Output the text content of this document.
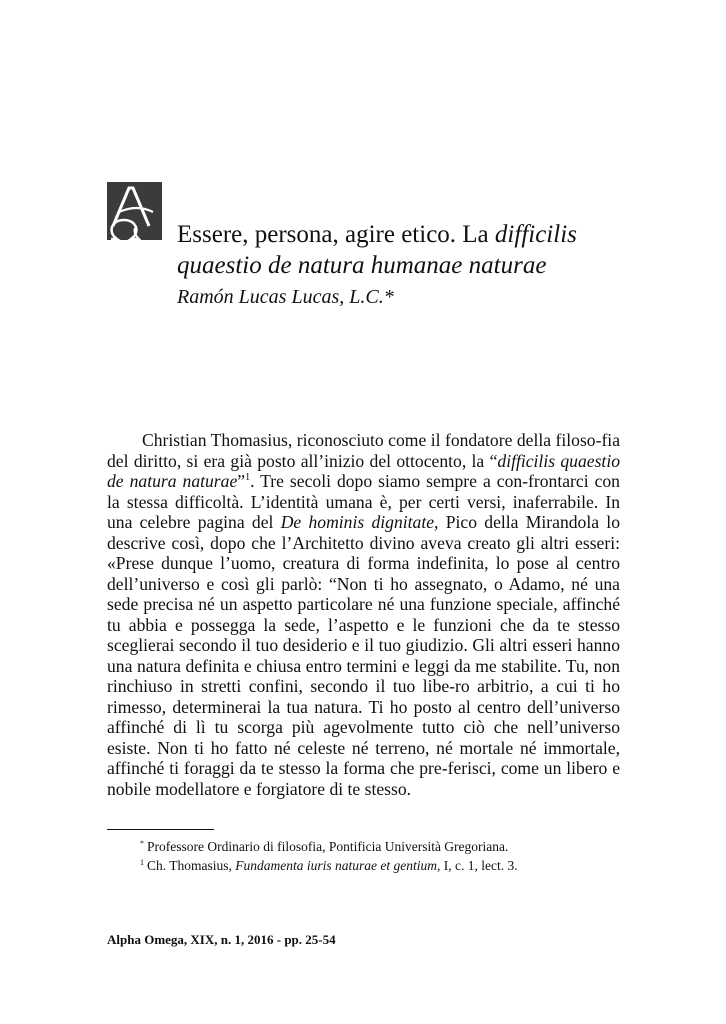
Essere, persona, agire etico. La difficilis
quaestio de natura humanae naturae
Ramón Lucas Lucas, L.C.*

Christian Thomasius, riconosciuto come il fondatore della filoso-fia del diritto, si era già posto all’inizio del ottocento, la “difficilis quaestio de natura naturae”$^1$. Tre secoli dopo siamo sempre a con-frontarci con la stessa difficoltà. L’identità umana è, per certi versi, inaferrabile. In una celebre pagina del De hominis dignitate, Pico della Mirandola lo descrive così, dopo che l’Architetto divino aveva creato gli altri esseri: «Prese dunque l’uomo, creatura di forma indefinita, lo pose al centro dell’universo e così gli parlò: “Non ti ho assegnato, o Adamo, né una sede precisa né un aspetto particolare né una funzione speciale, affinché tu abbia e possegga la sede, l’aspetto e le funzioni che da te stesso sceglierai secondo il tuo desiderio e il tuo giudizio. Gli altri esseri hanno una natura definita e chiusa entro termini e leggi da me stabilite. Tu, non rinchiuso in stretti confini, secondo il tuo libe-ro arbitrio, a cui ti ho rimesso, determinerai la tua natura. Ti ho posto al centro dell’universo affinché di lì tu scorga più agevolmente tutto ciò che nell’universo esiste. Non ti ho fatto né celeste né terreno, né mortale né immortale, affinché ti foraggi da te stesso la forma che pre-ferisci, come un libero e nobile modellatore e forgiatore di te stesso.

* Professore Ordinario di filosofia, Pontificia Università Gregoriana.
$^1$ Ch. Thomasius, Fundamenta iuris naturae et gentium, I, c. 1, lect. 3.
Alpha Omega, XIX, n. 1, 2016 - pp. 25-54
